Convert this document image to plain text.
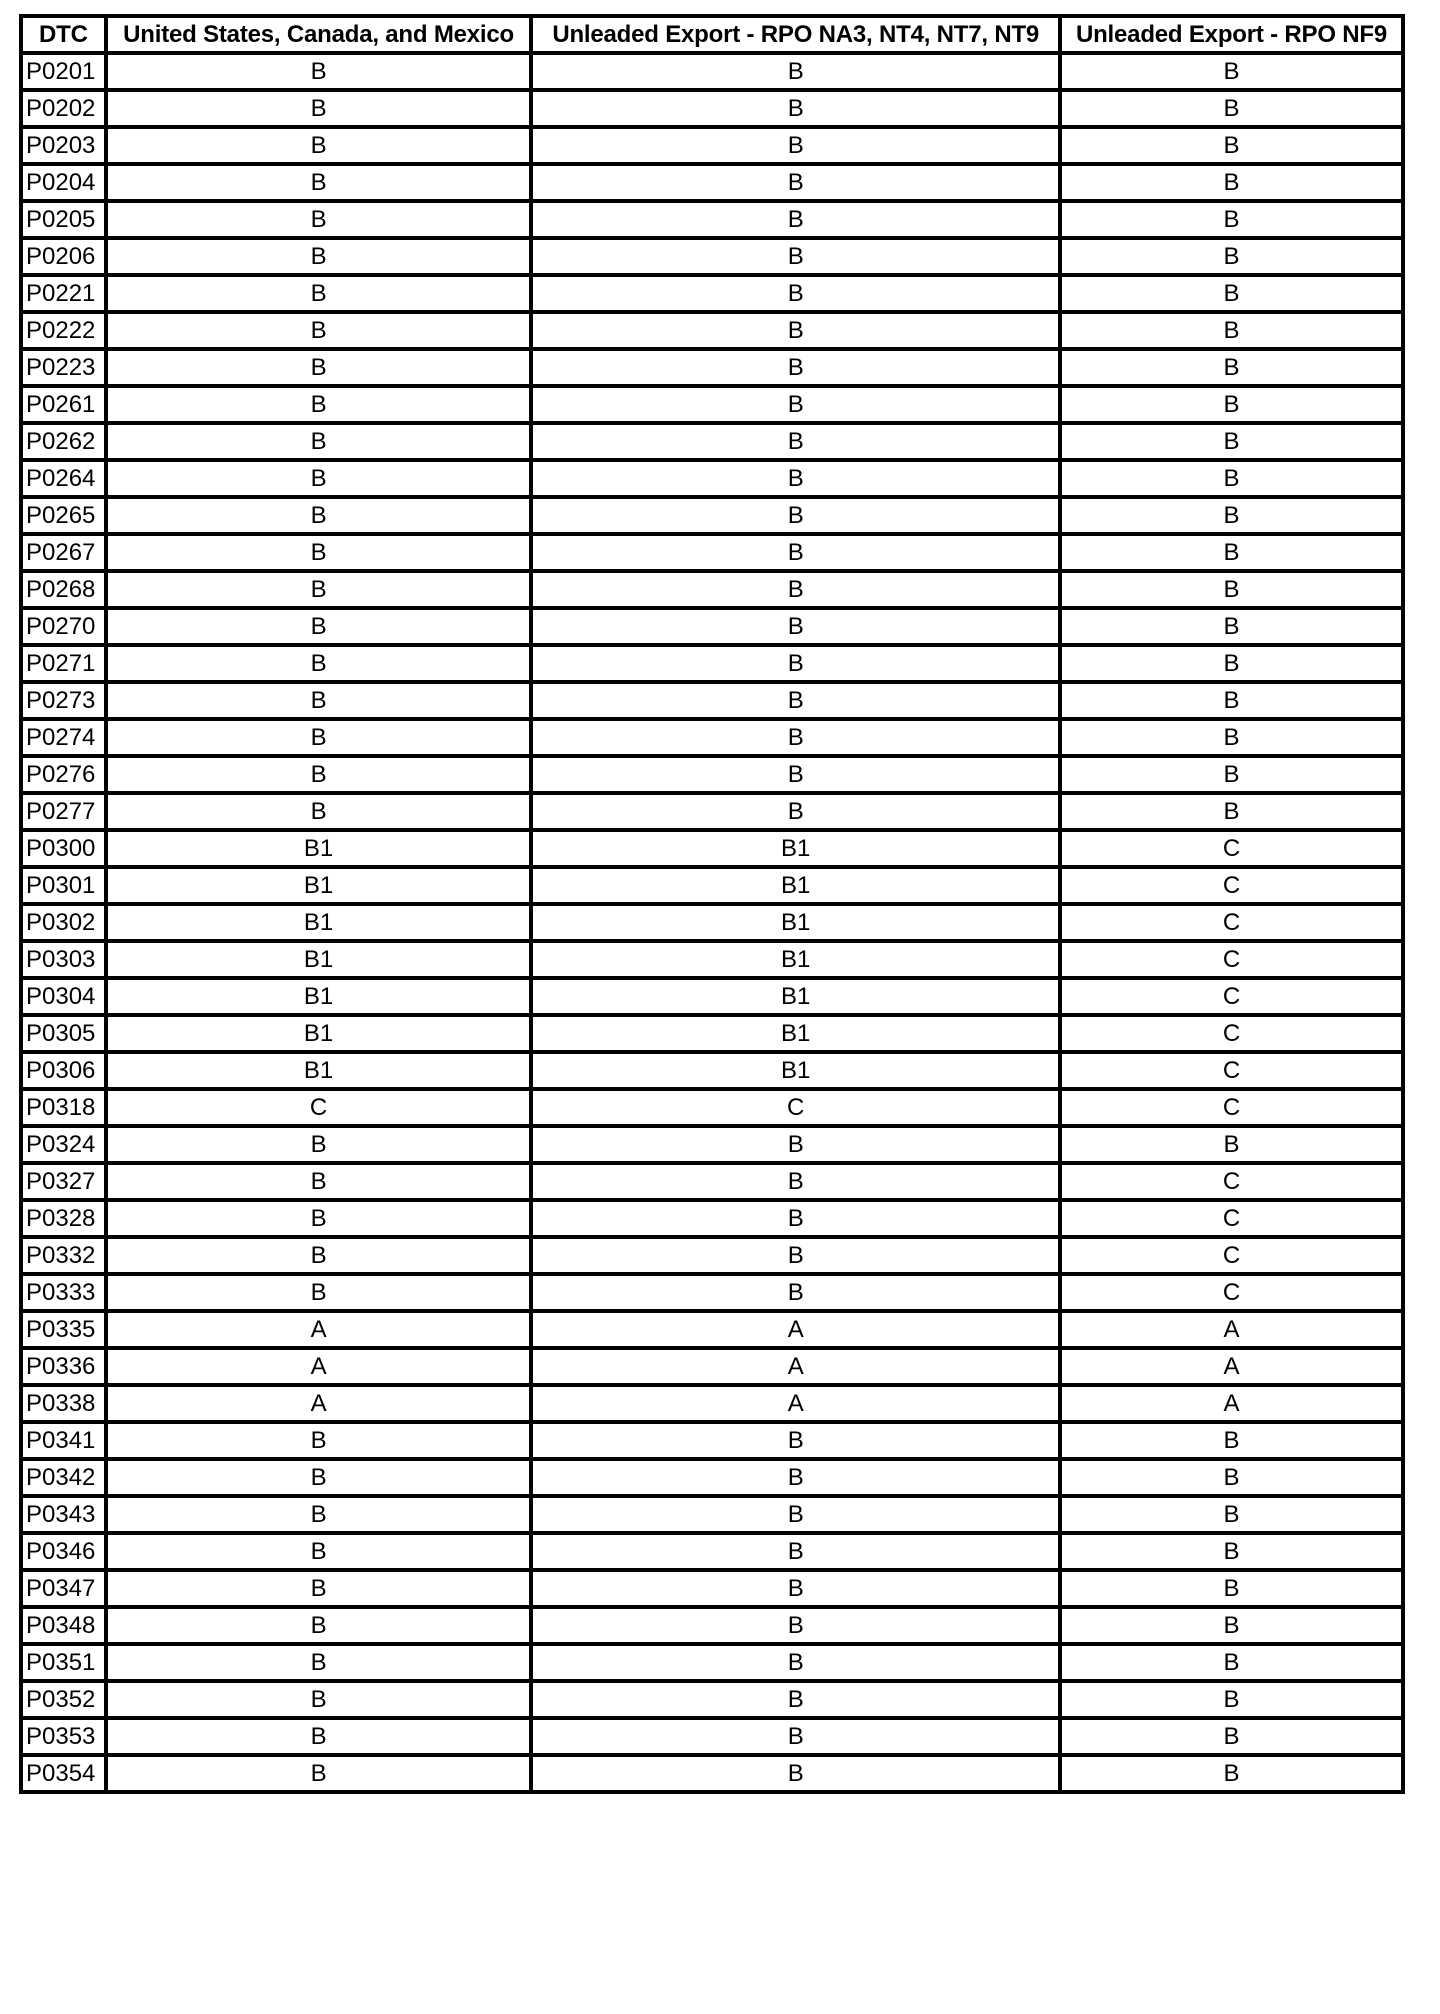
DTC	United States, Canada, and Mexico	Unleaded Export - RPO NA3, NT4, NT7, NT9	Unleaded Export - RPO NF9
P0201	B	B	B
P0202	B	B	B
P0203	B	B	B
P0204	B	B	B
P0205	B	B	B
P0206	B	B	B
P0221	B	B	B
P0222	B	B	B
P0223	B	B	B
P0261	B	B	B
P0262	B	B	B
P0264	B	B	B
P0265	B	B	B
P0267	B	B	B
P0268	B	B	B
P0270	B	B	B
P0271	B	B	B
P0273	B	B	B
P0274	B	B	B
P0276	B	B	B
P0277	B	B	B
P0300	B1	B1	C
P0301	B1	B1	C
P0302	B1	B1	C
P0303	B1	B1	C
P0304	B1	B1	C
P0305	B1	B1	C
P0306	B1	B1	C
P0318	C	C	C
P0324	B	B	B
P0327	B	B	C
P0328	B	B	C
P0332	B	B	C
P0333	B	B	C
P0335	A	A	A
P0336	A	A	A
P0338	A	A	A
P0341	B	B	B
P0342	B	B	B
P0343	B	B	B
P0346	B	B	B
P0347	B	B	B
P0348	B	B	B
P0351	B	B	B
P0352	B	B	B
P0353	B	B	B
P0354	B	B	B
